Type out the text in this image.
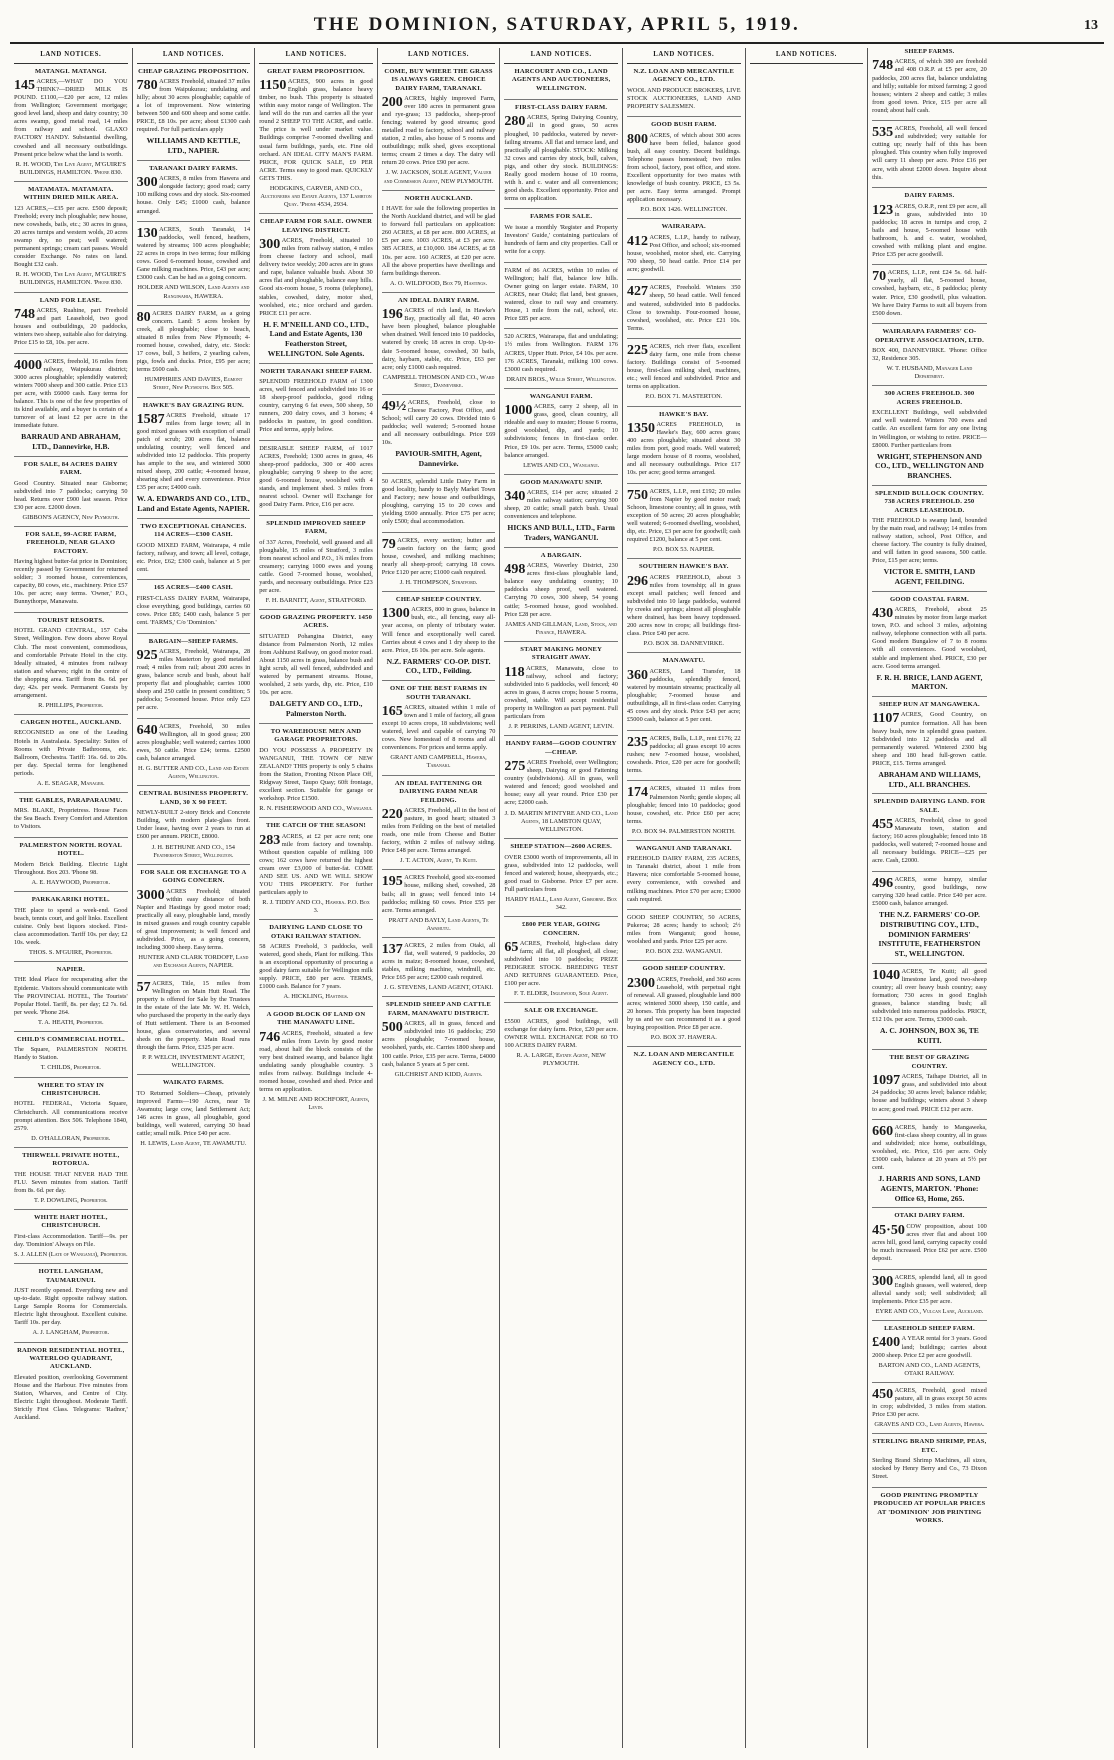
THE DOMINION, SATURDAY, APRIL 5, 1919.	13
LAND NOTICES.
MATANGI. MATANGI.

145 ACRES,—WHAT DO YOU THINK?—DRIED MILK IS POUND. £1100,—£20 per acre, 12 miles from Wellington; Government mortgage; good level land, sheep and dairy country; 30 acres swamp, good metal road, 14 miles from railway and school. GLAXO FACTORY HANDY. Substantial dwelling, cowshed and all necessary outbuildings. Present price below what the land is worth.

R. H. WOOD, The Live Agent, M'GUIRE'S BUILDINGS, HAMILTON. 'Phone 830.
MATAMATA. MATAMATA. WITHIN DRIED MILK AREA.

123 ACRES,—£35 per acre. £500 deposit; Freehold; every inch ploughable; new house, new cowsheds, bails, etc.; 30 acres in grass, 20 acres turnips and western wolds, 20 acres swamp dry, no peat; well watered; permanent springs; cream cart passes. Would consider Exchange. No rates on land. Bought £32 cash.

R. H. WOOD, The Live Agent, M'GUIRE'S BUILDINGS, HAMILTON. 'Phone 830.
LAND FOR LEASE.

748 ACRES, Ruahine, part Freehold and part Leasehold, two good houses and outbuildings, 20 paddocks, winters two sheep, suitable also for dairying. Price £15 to £8, 10s. per acre.

4000 ACRES, freehold, 16 miles from railway, Waipukurau district; 3000 acres ploughable; splendidly watered; winters 7000 sheep and 300 cattle. Price £13 per acre, with £6000 cash. Easy terms for balance. This is one of the few properties of its kind available, and a buyer is certain of a turnover of at least £2 per acre in the immediate future.

BARRAUD AND ABRAHAM, LTD., Dannevirke, H.B.
FOR SALE, 84 ACRES DAIRY FARM.

Good Country. Situated near Gisborne; subdivided into 7 paddocks; carrying 50 head. Returns over £900 last season. Price £30 per acre. £2000 down.

GIBBON'S AGENCY, New Plymouth.
FOR SALE, 99-ACRE FARM, FREEHOLD, NEAR GLAXO FACTORY.

Having highest butter-fat price in Dominion; recently passed by Government for returned soldier; 3 roomed house, conveniences, capacity, 80 cows, etc., machinery. Price £57 10s. per acre; easy terms. 'Owner,' P.O., Bunnythorpe, Manawatu.

TOURIST RESORTS.

HOTEL GRAND CENTRAL, 157 Cuba Street, Wellington. Few doors above Royal Club. The most convenient, commodious, and comfortable Private Hotel in the city. Ideally situated, 4 minutes from railway station and wharves; right in the centre of the shopping area. Tariff from 8s. 6d. per day; 42s. per week. Permanent Guests by arrangement.

R. PHILLIPS, Proprietor.
CARGEN HOTEL, AUCKLAND.

RECOGNISED as one of the Leading Hotels in Australasia. Speciality: Suites of Rooms with Private Bathrooms, etc. Ballroom, Orchestra. Tariff: 16s. 6d. to 20s. per day. Special terms for lengthened periods.

A. E. SEAGAR, Manager.
THE GABLES, PARAPARAUMU.

MRS. BLAKE, Proprietress. House Faces the Sea Beach. Every Comfort and Attention to Visitors.

PALMERSTON NORTH. ROYAL HOTEL.

Modern Brick Building. Electric Light Throughout. Box 203. 'Phone 98.

A. E. HAYWOOD, Proprietor.
PARKAKARIKI HOTEL.

THE place to spend a week-end. Good beach, tennis court, and golf links. Excellent cuisine. Only best liquors stocked. First-class accommodation. Tariff 10s. per day; £2 10s. week.

THOS. S. M'GUIRE, Proprietor.
NAPIER.

THE Ideal Place for recuperating after the Epidemic. Visitors should communicate with The PROVINCIAL HOTEL, The Tourists' Popular Hotel. Tariff, 8s. per day; £2 7s. 6d. per week. 'Phone 264.

T. A. HEATH, Proprietor.
CHILD'S COMMERCIAL HOTEL.

The Square, PALMERSTON NORTH. Handy to Station.

T. CHILDS, Proprietor.
WHERE TO STAY IN CHRISTCHURCH.

HOTEL FEDERAL, Victoria Square, Christchurch. All communications receive prompt attention. Box 506. Telephone 1840, 2579.

D. O'HALLORAN, Proprietor.
THIRWELL PRIVATE HOTEL, ROTORUA.

THE HOUSE THAT NEVER HAD THE FLU. Seven minutes from station. Tariff from 8s. 6d. per day.

T. P. DOWLING, Proprietor.
WHITE HART HOTEL, CHRISTCHURCH.

First-class Accommodation. Tariff—9s. per day. 'Dominion' Always on File.

S. J. ALLEN (Late of Wanganui), Proprietor.
HOTEL LANGHAM, TAUMARUNUI.

JUST recently opened. Everything new and up-to-date. Right opposite railway station. Large Sample Rooms for Commercials. Electric light throughout. Excellent cuisine. Tariff 10s. per day.

A. J. LANGHAM, Proprietor.
RADNOR RESIDENTIAL HOTEL, WATERLOO QUADRANT, AUCKLAND.

Elevated position, overlooking Government House and the Harbour. Five minutes from Station, Wharves, and Centre of City. Electric Light throughout. Moderate Tariff. Strictly First Class. Telegrams: 'Radnor,' Auckland.

LAND NOTICES.
CHEAP GRAZING PROPOSITION.

780 ACRES Freehold, situated 37 miles from Waipukurau; undulating and hilly; about 30 acres ploughable; capable of a lot of improvement. Now wintering between 500 and 600 sheep and some cattle. PRICE, £8 10s. per acre; about £1300 cash required. For full particulars apply

WILLIAMS AND KETTLE, LTD., NAPIER.
TARANAKI DAIRY FARMS.

300 ACRES, 8 miles from Hawera and alongside factory; good road; carry 100 milking cows and dry stock. Six-roomed house. Only £45; £1000 cash, balance arranged.

130 ACRES, South Taranaki, 14 paddocks, well fenced, heathers, watered by streams; 100 acres ploughable; 22 acres in crops in two terms; four milking cows. Good 6-roomed house, cowshed and Gane milking machines. Price, £43 per acre; £3000 cash. Can be had as a going concern.

HOLDER AND WILSON, Land Agents and Rangiwahia, HAWERA.

80 ACRES DAIRY FARM, as a going concern. Land: 5 acres broken by creek, all ploughable; close to beach, situated 8 miles from New Plymouth; 4-roomed house, cowshed, dairy, etc. Stock: 17 cows, bull, 3 heifers, 2 yearling calves, pigs, fowls and ducks. Price, £95 per acre; terms £600 cash.

HUMPHRIES AND DAVIES, Egmont Street, New Plymouth. Box 505.
HAWKE'S BAY GRAZING RUN.

1587 ACRES Freehold, situate 17 miles from large town; all in good mixed grasses with exception of small patch of scrub; 200 acres flat, balance undulating country; well fenced and subdivided into 12 paddocks. This property has ample to the sea, and wintered 3000 mixed sheep, 200 cattle; 4-roomed house, shearing shed and every convenience. Price £35 per acre; £4000 cash.

W. A. EDWARDS AND CO., LTD., Land and Estate Agents, NAPIER.
TWO EXCEPTIONAL CHANCES. 114 ACRES—£300 CASH.

GOOD MIXED FARM, Wairarapa, 4 mile factory, railway, and town; all level, cottage, etc. Price, £62; £300 cash, balance at 5 per cent.

165 ACRES—£400 CASH.

FIRST-CLASS DAIRY FARM, Wairarapa, close everything, good buildings, carries 60 cows. Price £85; £400 cash, balance 5 per cent. 'FARMS,' C/o 'Dominion.'

BARGAIN—SHEEP FARMS.

925 ACRES, Freehold, Wairarapa, 28 miles Masterton by good metalled road; 4 miles from rail; about 200 acres in grass, balance scrub and bush, about half property flat and ploughable; carries 1000 sheep and 250 cattle in present condition; 5 paddocks; 5-roomed house. Price only £23 per acre.

640 ACRES, Freehold, 30 miles Wellington, all in good grass; 200 acres ploughable; well watered; carries 1000 ewes, 50 cattle. Price £24; terms. £2500 cash, balance arranged.

H. G. BUTTER AND CO., Land and Estate Agents, Wellington.
CENTRAL BUSINESS PROPERTY. LAND, 30 X 90 FEET.

NEWLY-BUILT 2-story Brick and Concrete Building, with modern plate-glass front. Under lease, having over 2 years to run at £600 per annum. PRICE, £8000.

J. H. BETHUNE AND CO., 154 Featherston Street, Wellington.
FOR SALE OR EXCHANGE TO A GOING CONCERN.

3000 ACRES Freehold; situated within easy distance of both Napier and Hastings by good motor road; practically all easy, ploughable land, mostly in mixed grasses and rough country capable of great improvement; is well fenced and subdivided. Price, as a going concern, including 3000 sheep. Easy terms.

HUNTER AND CLARK TORDOFF, Land and Exchange Agents, NAPIER.

57 ACRES, Title, 15 miles from Wellington on Main Hutt Road. The property is offered for Sale by the Trustees in the estate of the late Mr. W. H. Welch, who purchased the property in the early days of Hutt settlement. There is an 8-roomed house, glass conservatories, and several sheds on the property. Main Road runs through the farm. Price, £325 per acre.

P. P. WELCH, INVESTMENT AGENT, WELLINGTON.
WAIKATO FARMS.

TO Returned Soldiers—Cheap, privately improved Farms—190 Acres, near Te Awamutu; large cow, land Settlement Act; 146 acres in grass, all ploughable, good buildings, well watered, carrying 30 head cattle; small milk. Price £40 per acre.

H. LEWIS, Land Agent, TE AWAMUTU.
LAND NOTICES.
GREAT FARM PROPOSITION.

1150 ACRES, 900 acres in good English grass, balance heavy timber, no bush. This property is situated within easy motor range of Wellington. The land will do the run and carries all the year round 2 SHEEP TO THE ACRE, and cattle. The price is well under market value. Buildings comprise 7-roomed dwelling and usual farm buildings, yards, etc. Fine old orchard. AN IDEAL CITY MAN'S FARM. PRICE, FOR QUICK SALE, £9 PER ACRE. Terms easy to good man. QUICKLY GETS THIS.

HODGKINS, CARVER, AND CO., Auctioneers and Estate Agents, 137 Lambton Quay. 'Phone 4534, 2934.
CHEAP FARM FOR SALE. OWNER LEAVING DISTRICT.

300 ACRES, Freehold, situated 10 miles from railway station, 4 miles from cheese factory and school, mail delivery twice weekly; 200 acres are in grass and rape, balance valuable bush. About 30 acres flat and ploughable, balance easy hills. Good six-room house, 5 rooms (telephone), stables, cowshed, dairy, motor shed, woolshed, etc.; nice orchard and garden. PRICE £11 per acre.

H. F. M'NEILL AND CO., LTD., Land and Estate Agents, 130 Featherston Street, WELLINGTON. Sole Agents.
NORTH TARANAKI SHEEP FARM.

SPLENDID FREEHOLD FARM of 1300 acres, well fenced and subdivided into 16 or 18 sheep-proof paddocks, good riding country, carrying 6 fat ewes, 500 sheep, 50 runners, 200 dairy cows, and 3 horses; 4 paddocks in pasture, in good condition. Price and terms, apply below.

DESIRABLE SHEEP FARM, of 1017 ACRES, Freehold; 1300 acres in grass, 46 sheep-proof paddocks, 300 or 400 acres ploughable; carrying 9 sheep to the acre; good 6-roomed house, woolshed with 4 stands, and implement shed. 3 miles from nearest school. Owner will Exchange for good Dairy Farm. Price, £16 per acre.

SPLENDID IMPROVED SHEEP FARM,

of 337 Acres, Freehold, well grassed and all ploughable, 15 miles of Stratford, 3 miles from nearest school and P.O., 1¾ miles from creamery; carrying 1000 ewes and young cattle. Good 7-roomed house, woolshed, yards, and necessary outbuildings. Price £23 per acre.

F. H. BARNITT, Agent, STRATFORD.
GOOD GRAZING PROPERTY. 1450 ACRES.

SITUATED Pohangina District, easy distance from Palmerston North, 12 miles from Ashhurst Railway, on good motor road. About 1150 acres in grass, balance bush and light scrub, all well fenced, subdivided and watered by permanent streams. House, woolshed, 2 sets yards, dip, etc. Price, £10 10s. per acre.

DALGETY AND CO., LTD., Palmerston North.
TO WAREHOUSE MEN AND GARAGE PROPRIETORS.

DO YOU POSSESS A PROPERTY IN WANGANUI, THE TOWN OF NEW ZEALAND? THIS property is only 5 chains from the Station, Fronting Nixon Place Off, Ridgway Street, Taupo Quay; 60ft frontage, excellent section. Suitable for garage or workshop. Price £1500.

R. N. FISHERWOOD AND CO., Wanganui.
THE CATCH OF THE SEASON!

283 ACRES, at £2 per acre rent; one mile from factory and township. Without question capable of milking 100 cows; 162 cows have returned the highest cream over £3,000 of butter-fat. COME AND SEE US. AND WE WILL SHOW YOU THIS PROPERTY. For further particulars apply to

R. J. TIDDY AND CO., Hawera. P.O. Box 3.
DAIRYING LAND CLOSE TO OTAKI RAILWAY STATION.

58 ACRES Freehold, 3 paddocks, well watered, good sheds, Plant for milking. This is an exceptional opportunity of procuring a good dairy farm suitable for Wellington milk supply. PRICE, £80 per acre. TERMS, £1000 cash. Balance for 7 years.

A. HICKLING, Hastings.
A GOOD BLOCK OF LAND ON THE MANAWATU LINE.

746 ACRES, Freehold, situated a few miles from Levin by good motor road, about half the block consists of the very best drained swamp, and balance light undulating sandy ploughable country. 3 miles from railway. Buildings include 4-roomed house, cowshed and shed. Price and terms on application.

J. M. MILNE AND ROCHFORT, Agents, Levin.
LAND NOTICES.
COME, BUY WHERE THE GRASS IS ALWAYS GREEN. CHOICE DAIRY FARM, TARANAKI.

200 ACRES, highly improved Farm, over 180 acres in permanent grass and rye-grass; 13 paddocks, sheep-proof fencing; watered by good streams; good metalled road to factory, school and railway station, 2 miles, also house of 5 rooms and outbuildings; milk shed, gives exceptional terms; cream 2 times a day. The dairy will return 20 cows. Price £90 per acre.

J. W. JACKSON, SOLE AGENT, Valuer and Commission Agent, NEW PLYMOUTH.
NORTH AUCKLAND.

I HAVE for sale the following properties in the North Auckland district, and will be glad to forward full particulars on application: 260 ACRES, at £8 per acre. 800 ACRES, at £5 per acre. 1003 ACRES, at £3 per acre. 385 ACRES, at £10,000. 184 ACRES, at £8 10s. per acre. 160 ACRES, at £20 per acre. All the above properties have dwellings and farm buildings thereon.

A. O. WILDFOOD, Box 79, Hastings.
AN IDEAL DAIRY FARM.

196 ACRES of rich land, in Hawke's Bay, practically all flat, 40 acres have been ploughed, balance ploughable when drained. Well fenced into 10 paddocks, watered by creek; 18 acres in crop. Up-to-date 5-roomed house, cowshed, 30 bails, dairy, haybarn, stable, etc. Price, £63 per acre; only £1000 cash required.

CAMPBELL THOMSON AND CO., Ward Street, Dannevirke.

49½ ACRES, Freehold, close to Cheese Factory, Post Office, and School; will carry 20 cows. Divided into 6 paddocks; well watered; 5-roomed house and all necessary outbuildings. Price £69 10s.

PAVIOUR-SMITH, Agent, Dannevirke.

50 ACRES, splendid Little Dairy Farm in good locality, handy to Bayly Market Town and Factory; new house and outbuildings, ploughing, carrying 15 to 20 cows and yielding £600 annually. Price £75 per acre; only £500; dual accommodation.

79 ACRES, every section; butter and casein factory on the farm; good house, cowshed, and milking machines; nearly all sheep-proof; carrying 18 cows. Price £120 per acre; £1000 cash required.

J. H. THOMPSON, Stratford.
CHEAP SHEEP COUNTRY.

1300 ACRES, 800 in grass, balance in bush, etc., all fencing, easy all-year access, on plenty of tributary water. Will fence and exceptionally well cared. Carries about 4 cows and 1 dry sheep to the acre. Price, £6 10s. per acre. Sole agents.

N.Z. FARMERS' CO-OP. DIST. CO., LTD., Feilding.
ONE OF THE BEST FARMS IN SOUTH TARANAKI.

165 ACRES, situated within 1 mile of town and 1 mile of factory, all grass except 10 acres crops, 18 subdivisions; well watered, level and capable of carrying 70 cows. New homestead of 8 rooms and all conveniences. For prices and terms apply.

GRANT AND CAMPBELL, Hawera, Taranaki.
AN IDEAL FATTENING OR DAIRYING FARM NEAR FEILDING.

220 ACRES, Freehold, all in the best of pasture, in good heart; situated 3 miles from Feilding on the best of metalled roads, one mile from Cheese and Butter factory, within 2 miles of railway siding. Price £48 per acre. Terms arranged.

J. T. ACTON, Agent, Te Kuiti.

195 ACRES Freehold, good six-roomed house, milking shed, cowshed, 28 bails; all in grass; well fenced into 14 paddocks; milking 60 cows. Price £55 per acre. Terms arranged.

PRATT AND BAYLY, Land Agents, Te Awamutu.

137 ACRES, 2 miles from Otaki, all flat, well watered, 9 paddocks, 20 acres in maize; 8-roomed house, cowshed, stables, milking machine, windmill, etc. Price £65 per acre; £2000 cash required.

J. G. STEVENS, LAND AGENT, OTAKI.
SPLENDID SHEEP AND CATTLE FARM, MANAWATU DISTRICT.

500 ACRES, all in grass, fenced and subdivided into 16 paddocks; 250 acres ploughable; 7-roomed house, woolshed, yards, etc. Carries 1800 sheep and 100 cattle. Price, £35 per acre. Terms, £4000 cash, balance 5 years at 5 per cent.

GILCHRIST AND KIDD, Agents.
LAND NOTICES.
HARCOURT AND CO., LAND AGENTS AND AUCTIONEERS, WELLINGTON.
FIRST-CLASS DAIRY FARM.

280 ACRES, Spring Dairying Country, all in good grass, 50 acres ploughed, 10 paddocks, watered by never-failing streams. All flat and terrace land, and practically all ploughable. STOCK: Milking 32 cows and carries dry stock, bull, calves, pigs, and other dry stock. BUILDINGS: Really good modern house of 10 rooms, with h. and c. water and all conveniences; good sheds. Excellent opportunity. Price and terms on application.

FARMS FOR SALE.

We issue a monthly 'Register and Property Investors' Guide,' containing particulars of hundreds of farm and city properties. Call or write for a copy.

FARM of 86 ACRES, within 10 miles of Wellington; half flat, balance low hills. Owner going on larger estate. FARM, 10 ACRES, near Otaki; flat land, best grasses, watered, close to rail way and creamery. House, 1 mile from the rail, school, etc. Price £85 per acre.

520 ACRES, Wairarapa, flat and undulating; 1½ miles from Wellington. FARM 176 ACRES, Upper Hutt. Price, £4 10s. per acre. 176 ACRES, Taranaki, milking 100 cows. £3000 cash required.

DRAIN BROS., Willis Street, Wellington.
WANGANUI FARM.

1000 ACRES, carry 2 sheep, all in grass, good, clean country, all rideable and easy to muster; House 6 rooms, good woolshed, dip, and yards; 10 subdivisions; fences in first-class order. Price, £9 10s. per acre. Terms, £5000 cash; balance arranged.

LEWIS AND CO., Wanganui.
GOOD MANAWATU SNIP.

340 ACRES, £14 per acre; situated 2 miles railway station; carrying 300 sheep, 20 cattle; small patch bush. Usual conveniences and telephone.

HICKS AND BULL, LTD., Farm Traders, WANGANUI.
A BARGAIN.

498 ACRES, Waverley District, 230 acres first-class ploughable land, balance easy undulating country; 10 paddocks sheep proof, well watered. Carrying 70 cows, 300 sheep, 54 young cattle; 5-roomed house, good woolshed. Price £28 per acre.

JAMES AND GILLMAN, Land, Stock, and Finance, HAWERA.
START MAKING MONEY STRAIGHT AWAY.

118 ACRES, Manawatu, close to railway, school and factory; subdivided into 6 paddocks, well fenced; 40 acres in grass, 8 acres crops; house 5 rooms, cowshed, stable. Will accept residential property in Wellington as part payment. Full particulars from

J. P. PERRINS, LAND AGENT, LEVIN.
HANDY FARM—GOOD COUNTRY—CHEAP.

275 ACRES Freehold, over Wellington; sheep, Dairying or good Fattening country (subdivisions). All in grass, well watered and fenced; good woolshed and house; easy all year round. Price £30 per acre; £2000 cash.

J. D. MARTIN M'INTYRE AND CO., Land Agents, 18 LAMBTON QUAY, WELLINGTON.
SHEEP STATION—2600 ACRES.

OVER £3000 worth of improvements, all in grass, subdivided into 12 paddocks, well fenced and watered; house, sheepyards, etc.; good road to Gisborne. Price £7 per acre. Full particulars from

HARDY HALL, Land Agent, Gisborne. Box 342.
£800 PER YEAR, GOING CONCERN.

65 ACRES, Freehold, high-class dairy farm; all flat, all ploughed, all close; subdivided into 10 paddocks; PRIZE PEDIGREE STOCK. BREEDING TEST AND RETURNS GUARANTEED. Price, £100 per acre.

F. T. ELDER, Inglewood, Sole Agent.
SALE OR EXCHANGE.

£5500 ACRES, good buildings, will exchange for dairy farm. Price, £20 per acre. OWNER WILL EXCHANGE FOR 60 TO 100 ACRES DAIRY FARM.

R. A. LARGE, Estate Agent, NEW PLYMOUTH.
LAND NOTICES.
N.Z. LOAN AND MERCANTILE AGENCY CO., LTD.

WOOL AND PRODUCE BROKERS, LIVE STOCK AUCTIONEERS, LAND AND PROPERTY SALESMEN.

GOOD BUSH FARM.

800 ACRES, of which about 300 acres have been felled, balance good bush, all easy country. Decent buildings. Telephone passes homestead; two miles from school, factory, post office, and store. Excellent opportunity for two mates with knowledge of bush country. PRICE, £3 5s. per acre. Easy terms arranged. Prompt application necessary.

P.O. BOX 1426. WELLINGTON.
WAIRARAPA.

412 ACRES, L.I.P., handy to railway, Post Office, and school; six-roomed house, woolshed, motor shed, etc. Carrying 700 sheep, 50 head cattle. Price £14 per acre; goodwill.

427 ACRES, Freehold. Winters 350 sheep, 50 head cattle. Well fenced and watered, subdivided into 8 paddocks. Close to township. Four-roomed house, cowshed, woolshed, etc. Price £21 10s. Terms.

225 ACRES, rich river flats, excellent dairy farm, one mile from cheese factory. Buildings consist of 5-roomed house, first-class milking shed, machines, etc.; well fenced and subdivided. Price and terms on application.

P.O. BOX 71. MASTERTON.
HAWKE'S BAY.

1350 ACRES FREEHOLD, in Hawke's Bay, 600 acres grass; 400 acres ploughable; situated about 30 miles from port, good roads. Well watered; large modern house of 8 rooms, woolshed, and all necessary outbuildings. Price £17 10s. per acre; good terms arranged.

750 ACRES, L.I.P., rent £192; 20 miles from Napier by good motor road; Schoon, limestone country; all in grass, with exception of 50 acres; 20 acres ploughable; well watered; 6-roomed dwelling, woolshed, dip, etc. Price, £3 per acre for goodwill; cash required £1200, balance at 5 per cent.

P.O. BOX 53. NAPIER.
SOUTHERN HAWKE'S BAY.

296 ACRES FREEHOLD, about 3 miles from township; all in grass except small patches; well fenced and subdivided into 10 large paddocks, watered by creeks and springs; almost all ploughable where drained, has been heavy topdressed. 200 acres now in crops; all buildings first-class. Price £40 per acre.

P.O. BOX 38. DANNEVIRKE.
MANAWATU.

360 ACRES, Land Transfer, 18 paddocks, splendidly fenced, watered by mountain streams; practically all ploughable; 7-roomed house and outbuildings, all in first-class order. Carrying 45 cows and dry stock. Price £43 per acre; £5000 cash, balance at 5 per cent.

235 ACRES, Bulls, L.I.P., rent £176; 22 paddocks; all grass except 10 acres rushes; new 7-roomed house, woolshed, cowsheds. Price, £20 per acre for goodwill; terms.

174 ACRES, situated 11 miles from Palmerston North; gentle slopes; all ploughable; fenced into 10 paddocks; good house, cowshed, etc. Price £60 per acre; terms.

P.O. BOX 94. PALMERSTON NORTH.
WANGANUI AND TARANAKI.

FREEHOLD DAIRY FARM, 235 ACRES, in Taranaki district, about 1 mile from Hawera; nice comfortable 5-roomed house, every convenience, with cowshed and milking machines. Price £70 per acre; £3000 cash required.

GOOD SHEEP COUNTRY, 50 ACRES, Pukeroa; 28 acres; handy to school; 2½ miles from Wanganui; good house, woolshed and yards. Price £25 per acre.

P.O. BOX 232. WANGANUI.
GOOD SHEEP COUNTRY.

2300 ACRES, Freehold, and 360 acres Leasehold, with perpetual right of renewal. All grassed, ploughable land 800 acres; wintered 3000 sheep, 150 cattle, and 20 horses. This property has been inspected by us and we can recommend it as a good buying proposition. Price £8 per acre.

P.O. BOX 37. HAWERA.
N.Z. LOAN AND MERCANTILE AGENCY CO., LTD.
LAND NOTICES.	SHEEP FARMS.

748 ACRES, of which 380 are freehold and 408 O.R.P. at £5 per acre, 20 paddocks, 200 acres flat, balance undulating and hilly; suitable for mixed farming; 2 good houses; winters 2 sheep and cattle; 3 miles from good town. Price, £15 per acre all round; about half cash.

535 ACRES, Freehold, all well fenced and subdivided; very suitable for cutting up; nearly half of this has been ploughed. This country when fully improved will carry 11 sheep per acre. Price £16 per acre, with about £2000 down. Inquire about this.

DAIRY FARMS.

123 ACRES, O.R.P., rent £9 per acre, all in grass, subdivided into 10 paddocks; 18 acres in turnips and crop, 2 bails and house, 5-roomed house with bathroom, h. and c. water, woolshed, cowshed with milking plant and engine. Price £35 per acre goodwill.

70 ACRES, L.I.P., rent £24 5s. 6d. half-yearly, all flat, 5-roomed house, cowshed, haybarn, etc., 8 paddocks; plenty water. Price, £30 goodwill, plus valuation. We have Dairy Farms to suit all buyers from £500 down.

WAIRARAPA FARMERS' CO-OPERATIVE ASSOCIATION, LTD.

BOX 400, DANNEVIRKE. 'Phone: Office 32, Residence 305.

W. T. HUSBAND, Manager Land Department.
300 ACRES FREEHOLD. 300 ACRES FREEHOLD.

EXCELLENT Buildings, well subdivided and well watered. Winters 700 ewes and cattle. An excellent farm for any one living in Wellington, or wishing to retire. PRICE—£8000. Further particulars from

WRIGHT, STEPHENSON AND CO., LTD., WELLINGTON AND BRANCHES.
SPLENDID BULLOCK COUNTRY. 738 ACRES FREEHOLD. 250 ACRES LEASEHOLD.

THE FREEHOLD is swamp land, bounded by the main road, and railway; 14 miles from railway station, school, Post Office, and cheese factory. The country is fully drained, and will fatten in good seasons, 500 cattle. Price, £15 per acre; terms.

VICTOR E. SMITH, LAND AGENT, FEILDING.
GOOD COASTAL FARM.

430 ACRES, Freehold, about 25 minutes by motor from large market town, P.O. and school 3 miles, adjoining railway, telephone connection with all parts. Good modern Bungalow of 7 to 8 rooms with all conveniences. Good woolshed, stable and implement shed. PRICE, £30 per acre. Good terms arranged.

F. R. H. BRICE, LAND AGENT, MARTON.
SHEEP RUN AT MANGAWEKA.

1107 ACRES, Good Country, on pumice formation. All has been heavy bush, now in splendid grass pasture. Subdivided into 12 paddocks and all permanently watered. Wintered 2300 big sheep and 180 head full-grown cattle. PRICE, £15. Terms arranged.

ABRAHAM AND WILLIAMS, LTD., ALL BRANCHES.
SPLENDID DAIRYING LAND. FOR SALE.

455 ACRES, Freehold, close to good Manawatu town, station and factory; 160 acres ploughable; fenced into 18 paddocks, well watered; 7-roomed house and all necessary buildings. PRICE—£25 per acre. Cash, £2000.

496 ACRES, some humpy, similar country, good buildings, now carrying 320 head cattle. Price £40 per acre. £5000 cash, balance arranged.

THE N.Z. FARMERS' CO-OP. DISTRIBUTING COY., LTD., DOMINION FARMERS' INSTITUTE, FEATHERSTON ST., WELLINGTON.

1040 ACRES, Te Kuiti; all good limestone land, good two-sheep country; all over heavy bush country; easy formation; 730 acres in good English grasses, balance standing bush; all subdivided into numerous paddocks. PRICE, £12 10s. per acre. Terms, £3000 cash.

A. C. JOHNSON, BOX 36, TE KUITI.
THE BEST OF GRAZING COUNTRY.

1097 ACRES, Taihape District, all in grass, and subdivided into about 24 paddocks; 30 acres level; balance ridable; house and buildings; winters about 3 sheep to acre; good road. PRICE £12 per acre.

660 ACRES, handy to Mangaweka, first-class sheep country, all in grass and subdivided; nice home, outbuildings, woolshed, etc. Price, £16 per acre. Only £3000 cash, balance at 20 years at 5½ per cent.

J. HARRIS AND SONS, LAND AGENTS, MARTON. 'Phone: Office 63, Home, 265.
OTAKI DAIRY FARM.

45·50 COW proposition, about 100 acres river flat and about 100 acres hill, good land, carrying capacity could be much increased. Price £62 per acre. £500 deposit.

300 ACRES, splendid land, all in good English grasses, well watered, deep alluvial sandy soil; well subdivided; all implements. Price £35 per acre.

EYRE AND CO., Vulcan Lane, Auckland.
LEASEHOLD SHEEP FARM.

£400 A YEAR rental for 3 years. Good land; buildings; carries about 2000 sheep. Price £2 per acre goodwill.

BARTON AND CO., LAND AGENTS, OTAKI RAILWAY.

450 ACRES, Freehold, good mixed pasture, all in grass except 50 acres in crop; subdivided, 3 miles from station. Price £30 per acre.

GRAVES AND CO., Land Agents, Hawera.
STERLING BRAND SHRIMP, PEAS, ETC.

Sterling Brand Shrimp Machines, all sizes, stocked by Henry Berry and Co., 73 Dixon Street.

GOOD PRINTING PROMPTLY PRODUCED AT POPULAR PRICES AT 'DOMINION' JOB PRINTING WORKS.
